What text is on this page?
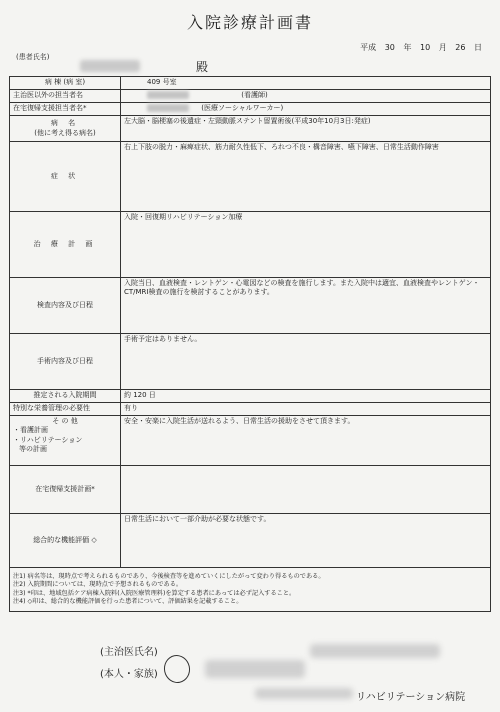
入院診療計画書
平成 30 年 10 月 26 日
(患者氏名)
殿
病 棟 (病 室)	409 号室
主治医以外の担当者名	(看護師)
在宅復帰支援担当者名*	(医療ソーシャルワーカー)

病 名
(他に考え得る病名)	左大脳・脳梗塞の後遺症・左頸動脈ステント留置術後(平成30年10月3日:発症)
症 状	右上下肢の脱力・麻痺症状、筋力耐久性低下、ろれつ不良・構音障害、嚥下障害、日常生活動作障害
治 療 計 画	入院・回復期リハビリテーション加療
検査内容及び日程	入院当日、血液検査・レントゲン・心電図などの検査を施行します。また入院中は適宜、血液検査やレントゲン・CT/MRI検査の施行を検討することがあります。
手術内容及び日程	手術予定はありません。
推定される入院期間	約 120 日
特別な栄養管理の必要性	有り

そ の 他
・看護計画
・リハビリテーション
等の計画	安全・安楽に入院生活が送れるよう、日常生活の援助をさせて頂きます。
在宅復帰支援計画*	
総合的な機能評価 ◇	日常生活において一部介助が必要な状態です。

注1) 病名等は、現時点で考えられるものであり、今後検査等を進めていくにしたがって変わり得るものである。
注2) 入院期間については、現時点で予想されるものである。
注3) *印は、地域包括ケア病棟入院料(入院医療管理料)を算定する患者にあっては必ず記入すること。
注4) ◇印は、総合的な機能評価を行った患者について、評価結果を記載すること。	
(主治医氏名)
(本人・家族)
リハビリテーション病院
